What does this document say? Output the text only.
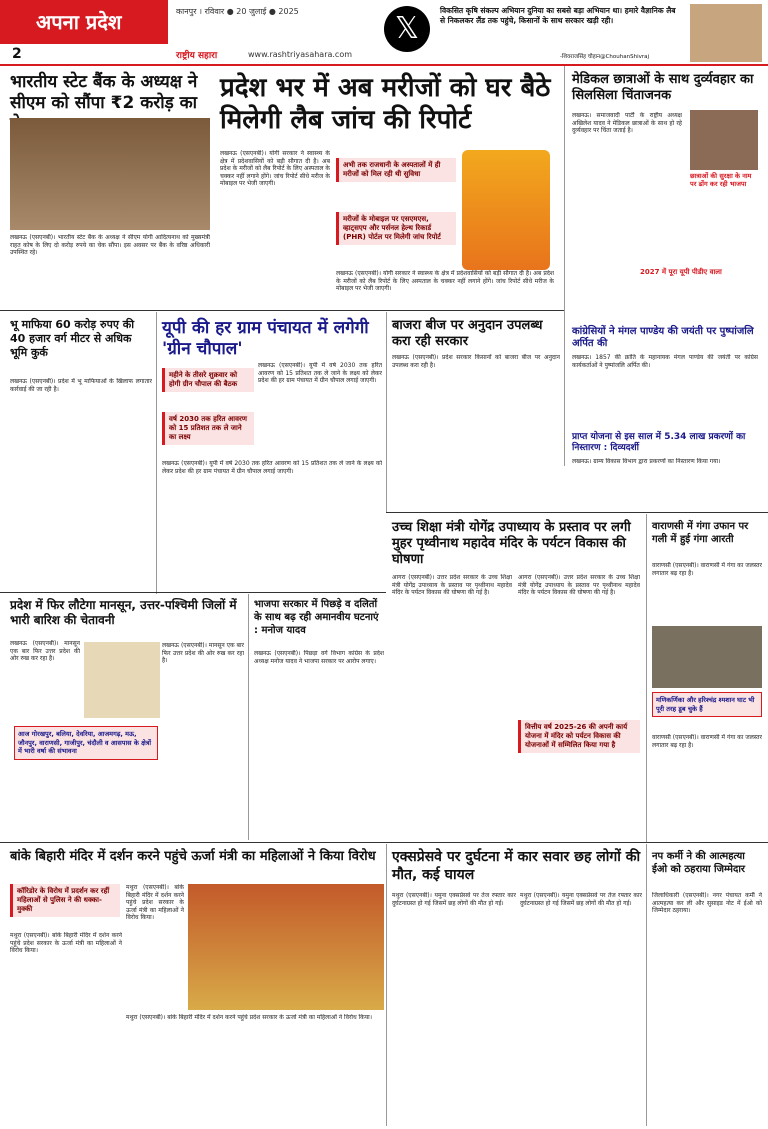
अपना प्रदेश
2
कानपुर । रविवार ● 20 जुलाई ● 2025
राष्ट्रीय सहारा	www.rashtriyasahara.com
𝕏
विकसित कृषि संकल्प अभियान दुनिया का सबसे बड़ा अभियान था। हमारे वैज्ञानिक लैब से निकलकर लैंड तक पहुंचे, किसानों के साथ सरकार खड़ी रही।
-शिवराजसिंह चौहान@ChouhanShivraj
भारतीय स्टेट बैंक के अध्यक्ष ने सीएम को सौंपा ₹2 करोड़ का
लखनऊ (एसएनबी)। भारतीय स्टेट बैंक के अध्यक्ष ने सीएम योगी आदित्यनाथ को मुख्यमंत्री राहत कोष के लिए दो करोड़ रुपये का चेक सौंपा। इस अवसर पर बैंक के वरिष्ठ अधिकारी उपस्थित रहे।
प्रदेश भर में अब मरीजों को घर बैठे मिलेगी लैब जांच की रिपोर्ट
अभी तक राजधानी के अस्पतालों में ही मरीजों को मिल रही थी सुविधा
मरीजों के मोबाइल पर एसएमएस, व्हाट्सएप और पर्सनल हेल्थ रिकार्ड (PHR) पोर्टल पर मिलेगी जांच रिपोर्ट
लखनऊ (एसएनबी)। योगी सरकार ने स्वास्थ्य के क्षेत्र में प्रदेशवासियों को बड़ी सौगात दी है। अब प्रदेश के मरीजों को लैब रिपोर्ट के लिए अस्पताल के चक्कर नहीं लगाने होंगे। जांच रिपोर्ट सीधे मरीज के मोबाइल पर भेजी जाएगी।
लखनऊ (एसएनबी)। योगी सरकार ने स्वास्थ्य के क्षेत्र में प्रदेशवासियों को बड़ी सौगात दी है। अब प्रदेश के मरीजों को लैब रिपोर्ट के लिए अस्पताल के चक्कर नहीं लगाने होंगे। जांच रिपोर्ट सीधे मरीज के मोबाइल पर भेजी जाएगी।
मेडिकल छात्राओं के साथ दुर्व्यवहार का सिलसिला चिंताजनक
लखनऊ। समाजवादी पार्टी के राष्ट्रीय अध्यक्ष अखिलेश यादव ने मेडिकल छात्राओं के साथ हो रहे दुर्व्यवहार पर चिंता जताई है।
छात्राओं की सुरक्षा के नाम पर ढोंग कर रही भाजपा
2027 में पूरा यूपी पीडीए वाला
भू माफिया 60 करोड़ रुपए की 40 हजार वर्ग मीटर से अधिक भूमि कुर्क
लखनऊ (एसएनबी)। प्रदेश में भू माफियाओं के खिलाफ लगातार कार्रवाई की जा रही है।
यूपी की हर ग्राम पंचायत में लगेगी 'ग्रीन चौपाल'
महीने के तीसरे शुक्रवार को होगी ग्रीन चौपाल की बैठक
वर्ष 2030 तक हरित आवरण को 15 प्रतिशत तक ले जाने का लक्ष्य
लखनऊ (एसएनबी)। यूपी में वर्ष 2030 तक हरित आवरण को 15 प्रतिशत तक ले जाने के लक्ष्य को लेकर प्रदेश की हर ग्राम पंचायत में ग्रीन चौपाल लगाई जाएगी।
लखनऊ (एसएनबी)। यूपी में वर्ष 2030 तक हरित आवरण को 15 प्रतिशत तक ले जाने के लक्ष्य को लेकर प्रदेश की हर ग्राम पंचायत में ग्रीन चौपाल लगाई जाएगी।
बाजरा बीज पर अनुदान उपलब्ध करा रही सरकार
लखनऊ (एसएनबी)। प्रदेश सरकार किसानों को बाजरा बीज पर अनुदान उपलब्ध करा रही है।
कांग्रेसियों ने मंगल पाण्डेय की जयंती पर पुष्पांजलि अर्पित की
लखनऊ। 1857 की क्रांति के महानायक मंगल पाण्डेय की जयंती पर कांग्रेस कार्यकर्ताओं ने पुष्पांजलि अर्पित की।
प्राप्त योजना से इस साल में 5.34 लाख प्रकरणों का निस्तारण : दिव्यदर्शी
लखनऊ। ग्राम्य विकास विभाग द्वारा प्रकरणों का निस्तारण किया गया।
प्रदेश में फिर लौटेगा मानसून, उत्तर-पश्चिमी जिलों में भारी बारिश की चेतावनी
लखनऊ (एसएनबी)। मानसून एक बार फिर उत्तर प्रदेश की ओर रुख कर रहा है।
आज गोरखपुर, बलिया, देवरिया, आजमगढ़, मऊ, जौनपुर, वाराणसी, गाजीपुर, चंदौली व आसपास के क्षेत्रों में भारी वर्षा की संभावना
लखनऊ (एसएनबी)। मानसून एक बार फिर उत्तर प्रदेश की ओर रुख कर रहा है।
भाजपा सरकार में पिछड़े व दलितों के साथ बढ़ रही अमानवीय घटनाएं : मनोज यादव
लखनऊ (एसएनबी)। पिछड़ा वर्ग विभाग कांग्रेस के प्रदेश अध्यक्ष मनोज यादव ने भाजपा सरकार पर आरोप लगाए।
उच्च शिक्षा मंत्री योगेंद्र उपाध्याय के प्रस्ताव पर लगी मुहर पृथ्वीनाथ महादेव मंदिर के पर्यटन विकास की घोषणा
आगरा (एसएनबी)। उत्तर प्रदेश सरकार के उच्च शिक्षा मंत्री योगेंद्र उपाध्याय के प्रस्ताव पर पृथ्वीनाथ महादेव मंदिर के पर्यटन विकास की घोषणा की गई है।
वित्तीय वर्ष 2025-26 की अपनी कार्य योजना में मंदिर को पर्यटन विकास की योजनाओं में सम्मिलित किया गया है
आगरा (एसएनबी)। उत्तर प्रदेश सरकार के उच्च शिक्षा मंत्री योगेंद्र उपाध्याय के प्रस्ताव पर पृथ्वीनाथ महादेव मंदिर के पर्यटन विकास की घोषणा की गई है।
वाराणसी में गंगा उफान पर गली में हुई गंगा आरती
वाराणसी (एसएनबी)। वाराणसी में गंगा का जलस्तर लगातार बढ़ रहा है।
मणिकर्णिका और हरिश्चंद्र श्मशान घाट भी पूरी तरह डूब चुके हैं
वाराणसी (एसएनबी)। वाराणसी में गंगा का जलस्तर लगातार बढ़ रहा है।
बांके बिहारी मंदिर में दर्शन करने पहुंचे ऊर्जा मंत्री का महिलाओं ने किया विरोध
कॉरिडोर के विरोध में प्रदर्शन कर रहीं महिलाओं से पुलिस ने की धक्का-मुक्की
मथुरा (एसएनबी)। बांके बिहारी मंदिर में दर्शन करने पहुंचे प्रदेश सरकार के ऊर्जा मंत्री का महिलाओं ने विरोध किया।
मथुरा (एसएनबी)। बांके बिहारी मंदिर में दर्शन करने पहुंचे प्रदेश सरकार के ऊर्जा मंत्री का महिलाओं ने विरोध किया।
मथुरा (एसएनबी)। बांके बिहारी मंदिर में दर्शन करने पहुंचे प्रदेश सरकार के ऊर्जा मंत्री का महिलाओं ने विरोध किया।
एक्सप्रेसवे पर दुर्घटना में कार सवार छह लोगों की मौत, कई घायल
मथुरा (एसएनबी)। यमुना एक्सप्रेसवे पर तेज रफ्तार कार दुर्घटनाग्रस्त हो गई जिसमें छह लोगों की मौत हो गई।
मथुरा (एसएनबी)। यमुना एक्सप्रेसवे पर तेज रफ्तार कार दुर्घटनाग्रस्त हो गई जिसमें छह लोगों की मौत हो गई।
नप कर्मी ने की आत्महत्या ईओ को ठहराया जिम्मेदार
जिलाधिकारी (एसएनबी)। नगर पंचायत कर्मी ने आत्महत्या कर ली और सुसाइड नोट में ईओ को जिम्मेदार ठहराया।
